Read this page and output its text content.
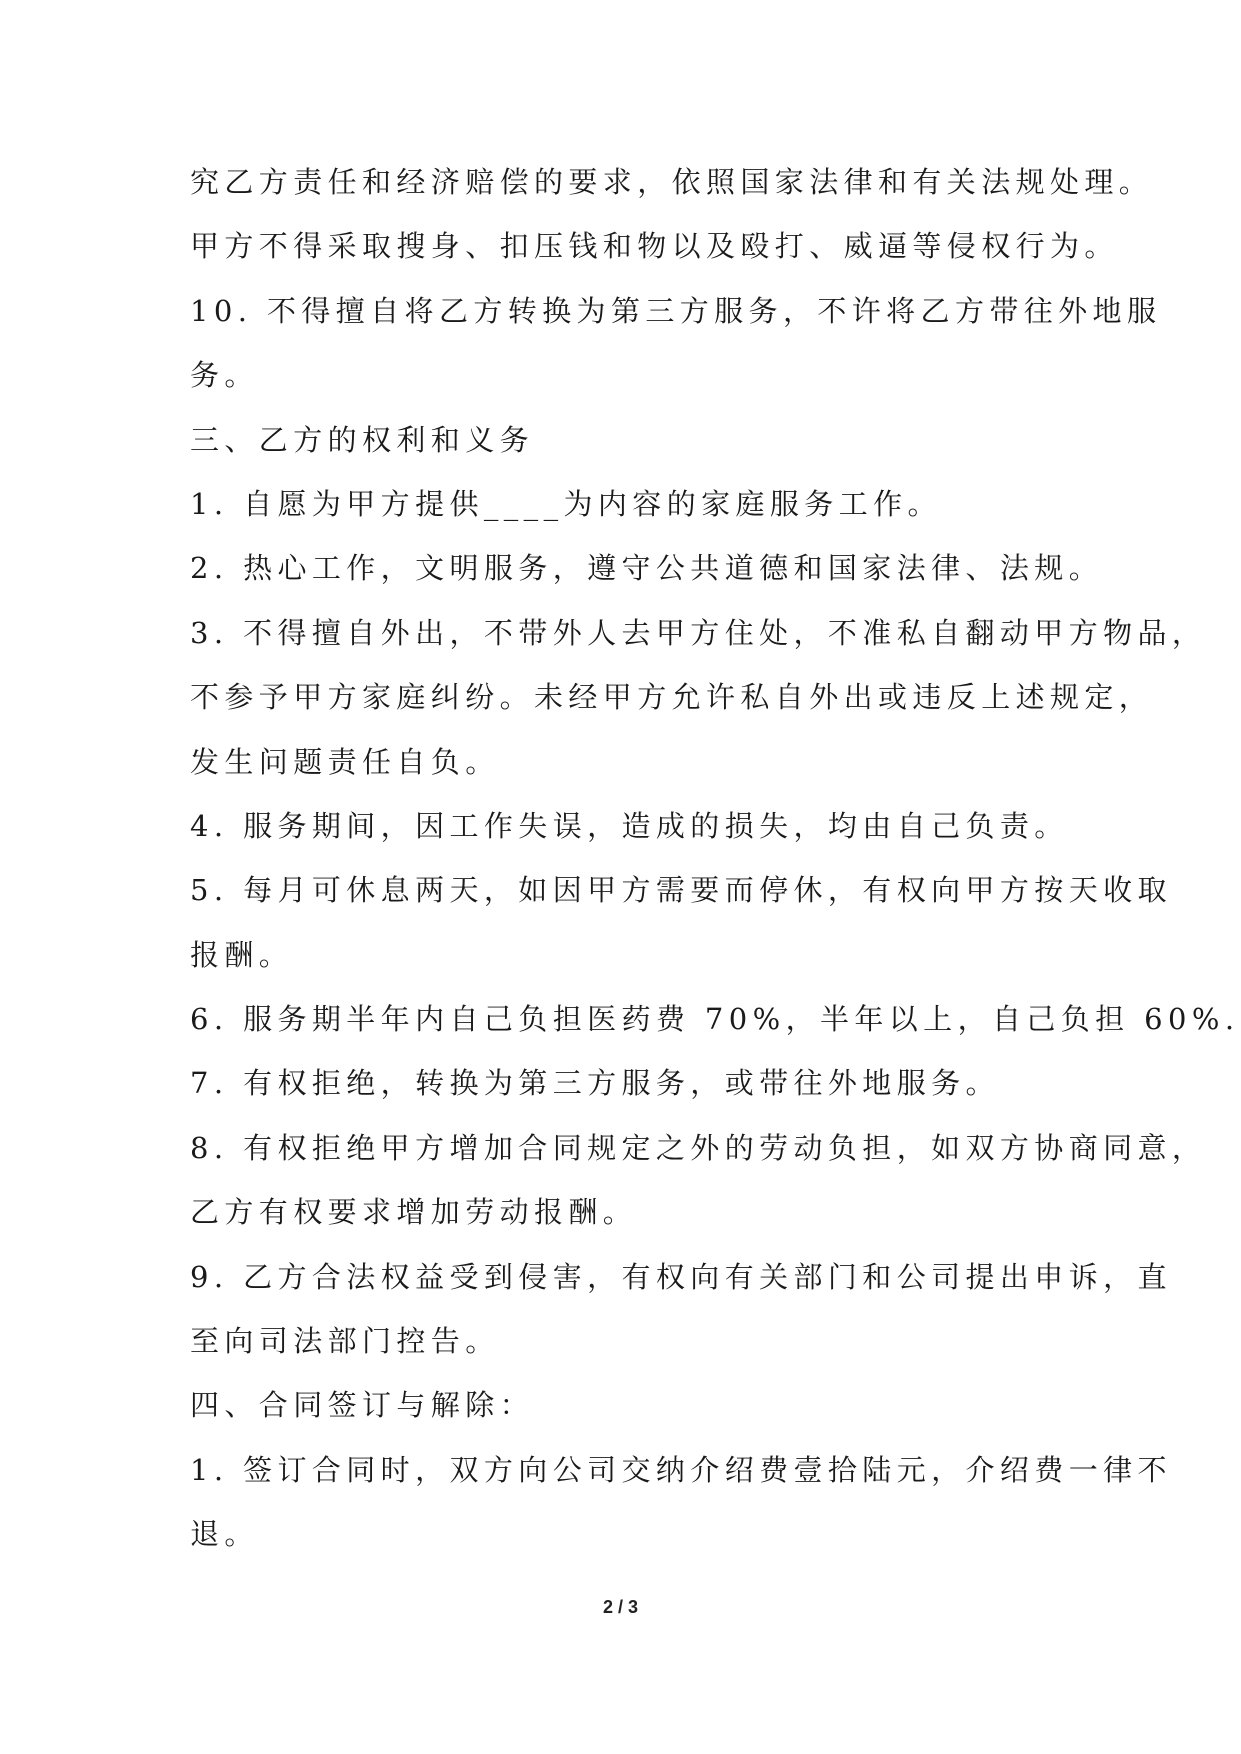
究乙方责任和经济赔偿的要求，依照国家法律和有关法规处理。
甲方不得采取搜身、扣压钱和物以及殴打、威逼等侵权行为。
10. 不得擅自将乙方转换为第三方服务，不许将乙方带往外地服
务。
三、乙方的权利和义务
1. 自愿为甲方提供____为内容的家庭服务工作。
2. 热心工作，文明服务，遵守公共道德和国家法律、法规。
3. 不得擅自外出，不带外人去甲方住处，不准私自翻动甲方物品，
不参予甲方家庭纠纷。未经甲方允许私自外出或违反上述规定，
发生问题责任自负。
4. 服务期间，因工作失误，造成的损失，均由自己负责。
5. 每月可休息两天，如因甲方需要而停休，有权向甲方按天收取
报酬。
6. 服务期半年内自己负担医药费 70%，半年以上，自己负担 60%.
7. 有权拒绝，转换为第三方服务，或带往外地服务。
8. 有权拒绝甲方增加合同规定之外的劳动负担，如双方协商同意，
乙方有权要求增加劳动报酬。
9. 乙方合法权益受到侵害，有权向有关部门和公司提出申诉，直
至向司法部门控告。
四、合同签订与解除：
1. 签订合同时，双方向公司交纳介绍费壹拾陆元，介绍费一律不
退。
2 / 3
